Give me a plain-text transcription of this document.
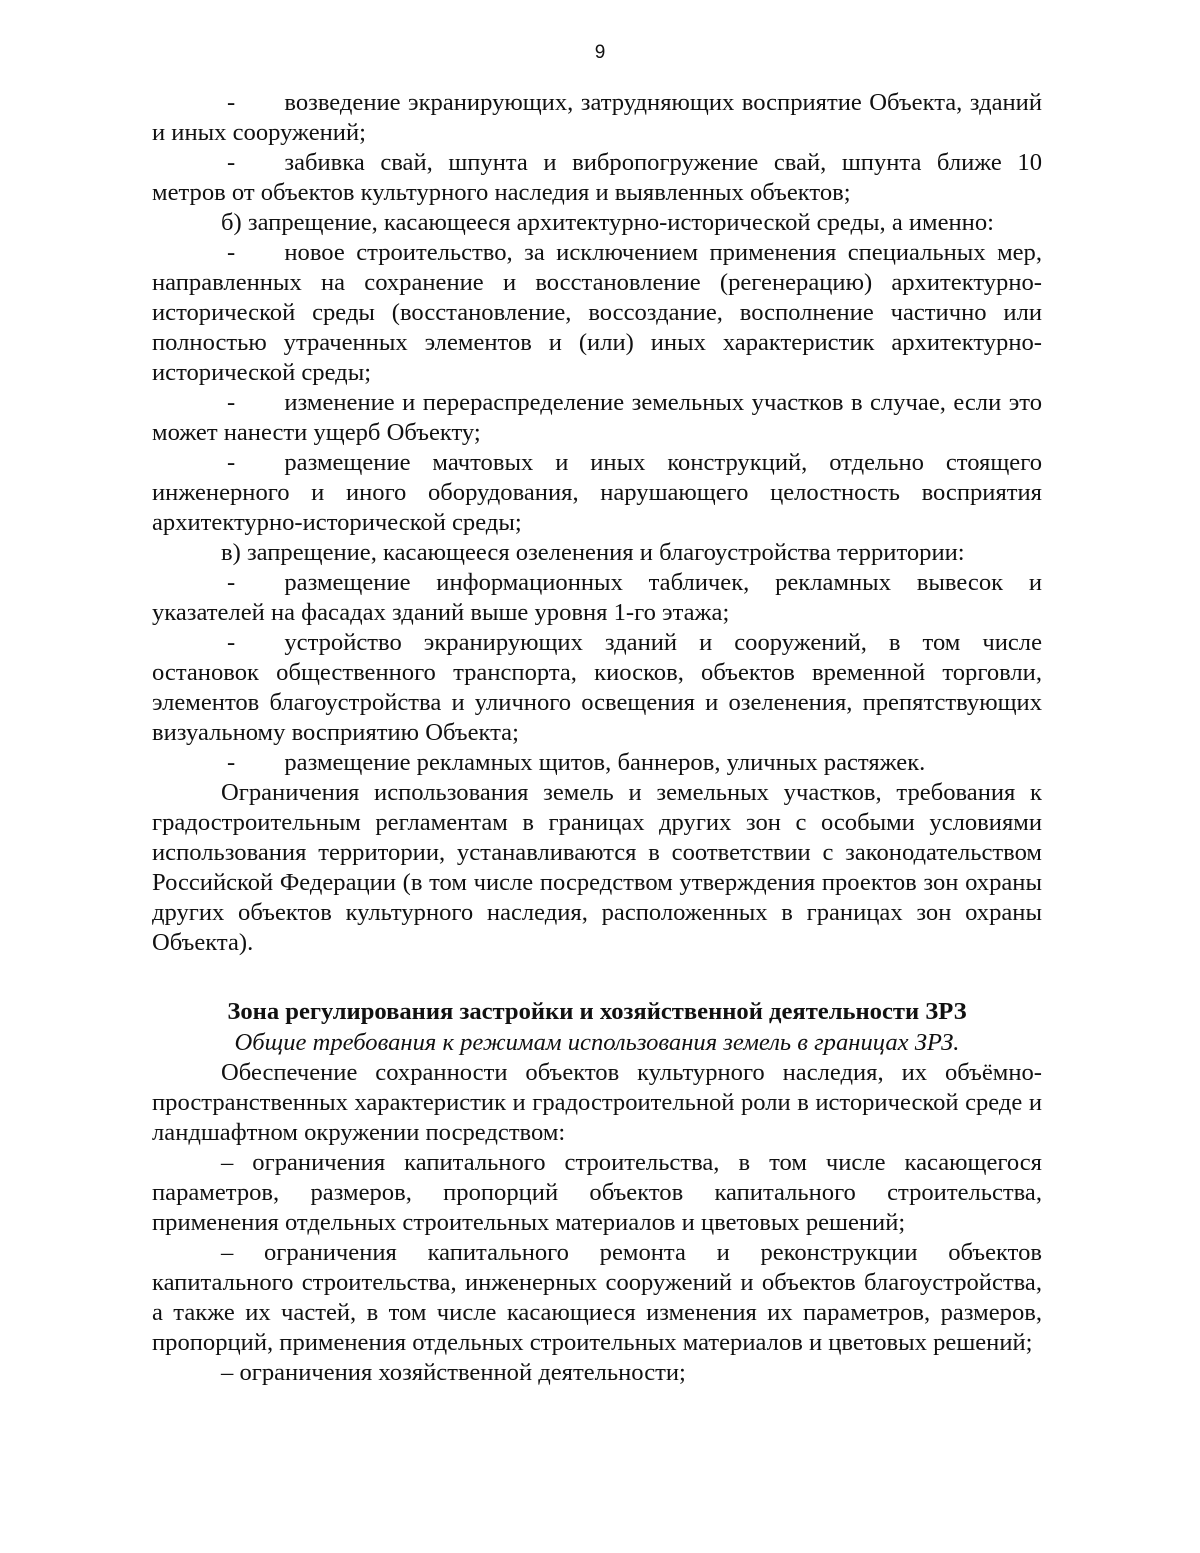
9

-  возведение экранирующих, затрудняющих восприятие Объекта, зданий и иных сооружений;

-  забивка свай, шпунта и вибропогружение свай, шпунта ближе 10 метров от объектов культурного наследия и выявленных объектов;

б) запрещение, касающееся архитектурно-исторической среды, а именно:

-  новое строительство, за исключением применения специальных мер, направленных на сохранение и восстановление (регенерацию) архитектурно-исторической среды (восстановление, воссоздание, восполнение частично или полностью утраченных элементов и (или) иных характеристик архитектурно-исторической среды;

-  изменение и перераспределение земельных участков в случае, если это может нанести ущерб Объекту;

-  размещение мачтовых и иных конструкций, отдельно стоящего инженерного и иного оборудования, нарушающего целостность восприятия архитектурно-исторической среды;

в) запрещение, касающееся озеленения и благоустройства территории:

-  размещение информационных табличек, рекламных вывесок и указателей на фасадах зданий выше уровня 1-го этажа;

-  устройство экранирующих зданий и сооружений, в том числе остановок общественного транспорта, киосков, объектов временной торговли, элементов благоустройства и уличного освещения и озеленения, препятствующих визуальному восприятию Объекта;

-  размещение рекламных щитов, баннеров, уличных растяжек.

Ограничения использования земель и земельных участков, требования к градостроительным регламентам в границах других зон с особыми условиями использования территории, устанавливаются в соответствии с законодательством Российской Федерации (в том числе посредством утверждения проектов зон охраны других объектов культурного наследия, расположенных в границах зон охраны Объекта).

Зона регулирования застройки и хозяйственной деятельности ЗРЗ
Общие требования к режимам использования земель в границах ЗРЗ.

Обеспечение сохранности объектов культурного наследия, их объёмно-пространственных характеристик и градостроительной роли в исторической среде и ландшафтном окружении посредством:

– ограничения капитального строительства, в том числе касающегося параметров, размеров, пропорций объектов капитального строительства, применения отдельных строительных материалов и цветовых решений;

– ограничения капитального ремонта и реконструкции объектов капитального строительства, инженерных сооружений и объектов благоустройства, а также их частей, в том числе касающиеся изменения их параметров, размеров, пропорций, применения отдельных строительных материалов и цветовых решений;

– ограничения хозяйственной деятельности;
